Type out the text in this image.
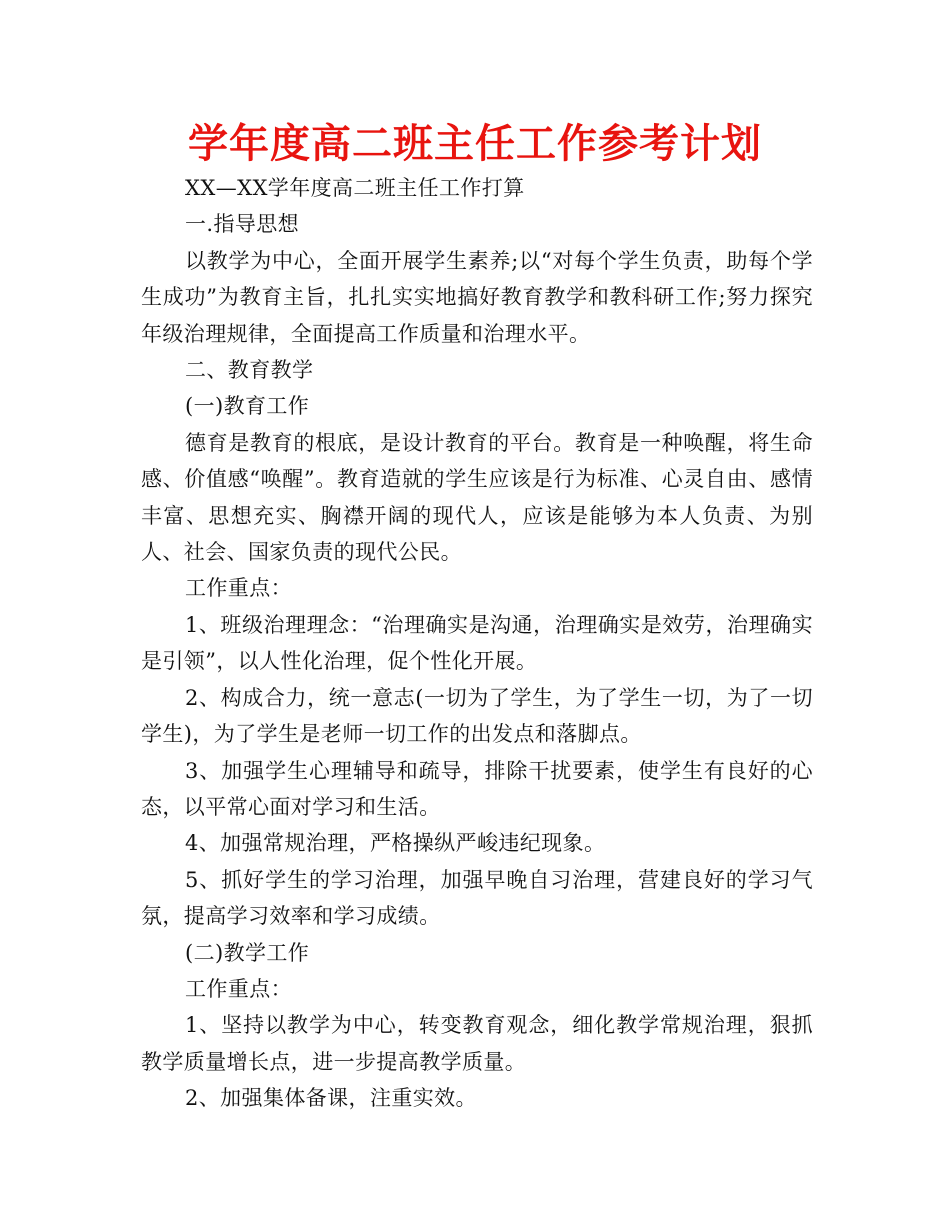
学年度高二班主任工作参考计划

XX—XX学年度高二班主任工作打算

一.指导思想

以教学为中心，全面开展学生素养;以“对每个学生负责，助每个学生成功”为教育主旨，扎扎实实地搞好教育教学和教科研工作;努力探究年级治理规律，全面提高工作质量和治理水平。

二、教育教学

(一)教育工作

德育是教育的根底，是设计教育的平台。教育是一种唤醒，将生命感、价值感“唤醒”。教育造就的学生应该是行为标准、心灵自由、感情丰富、思想充实、胸襟开阔的现代人，应该是能够为本人负责、为别人、社会、国家负责的现代公民。

工作重点：

1、班级治理理念：“治理确实是沟通，治理确实是效劳，治理确实是引领”，以人性化治理，促个性化开展。

2、构成合力，统一意志(一切为了学生，为了学生一切，为了一切学生)，为了学生是老师一切工作的出发点和落脚点。

3、加强学生心理辅导和疏导，排除干扰要素，使学生有良好的心态，以平常心面对学习和生活。

4、加强常规治理，严格操纵严峻违纪现象。

5、抓好学生的学习治理，加强早晚自习治理，营建良好的学习气氛，提高学习效率和学习成绩。

(二)教学工作

工作重点：

1、坚持以教学为中心，转变教育观念，细化教学常规治理，狠抓教学质量增长点，进一步提高教学质量。

2、加强集体备课，注重实效。
